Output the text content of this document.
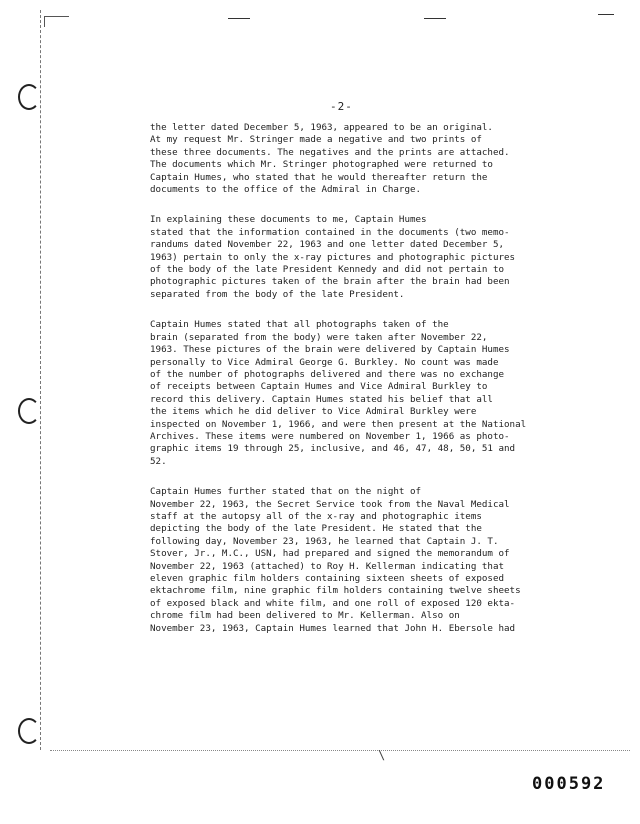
-2-
the letter dated December 5, 1963, appeared to be an original.
At my request Mr. Stringer made a negative and two prints of
these three documents. The negatives and the prints are attached.
The documents which Mr. Stringer photographed were returned to
Captain Humes, who stated that he would thereafter return the
documents to the office of the Admiral in Charge.
In explaining these documents to me, Captain Humes
stated that the information contained in the documents (two memo-
randums dated November 22, 1963 and one letter dated December 5,
1963) pertain to only the x-ray pictures and photographic pictures
of the body of the late President Kennedy and did not pertain to
photographic pictures taken of the brain after the brain had been
separated from the body of the late President.
Captain Humes stated that all photographs taken of the
brain (separated from the body) were taken after November 22,
1963. These pictures of the brain were delivered by Captain Humes
personally to Vice Admiral George G. Burkley. No count was made
of the number of photographs delivered and there was no exchange
of receipts between Captain Humes and Vice Admiral Burkley to
record this delivery. Captain Humes stated his belief that all
the items which he did deliver to Vice Admiral Burkley were
inspected on November 1, 1966, and were then present at the National
Archives. These items were numbered on November 1, 1966 as photo-
graphic items 19 through 25, inclusive, and 46, 47, 48, 50, 51 and
52.
Captain Humes further stated that on the night of
November 22, 1963, the Secret Service took from the Naval Medical
staff at the autopsy all of the x-ray and photographic items
depicting the body of the late President. He stated that the
following day, November 23, 1963, he learned that Captain J. T.
Stover, Jr., M.C., USN, had prepared and signed the memorandum of
November 22, 1963 (attached) to Roy H. Kellerman indicating that
eleven graphic film holders containing sixteen sheets of exposed
ektachrome film, nine graphic film holders containing twelve sheets
of exposed black and white film, and one roll of exposed 120 ekta-
chrome film had been delivered to Mr. Kellerman. Also on
November 23, 1963, Captain Humes learned that John H. Ebersole had
\
000592
